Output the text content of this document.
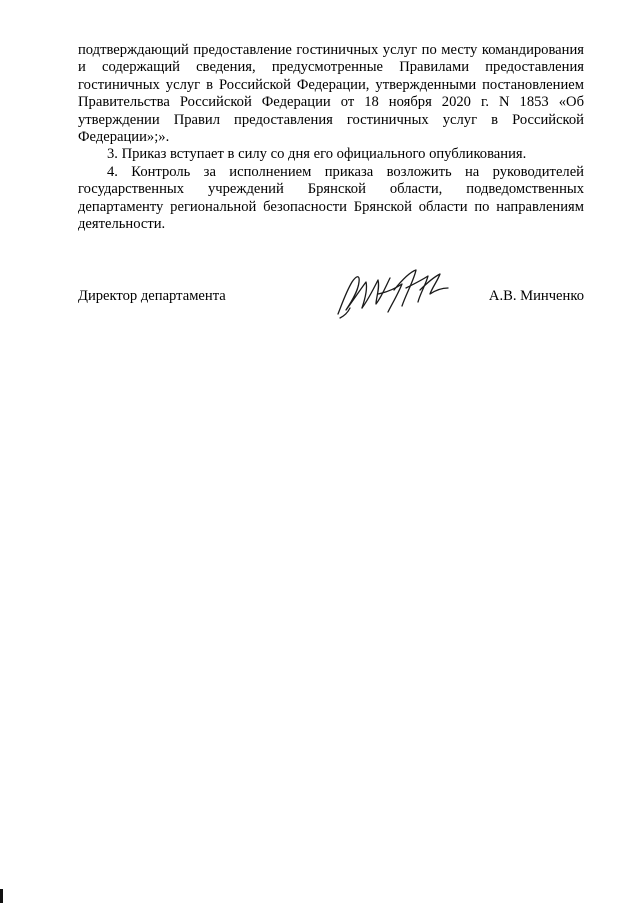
подтверждающий предоставление гостиничных услуг по месту командирования и содержащий сведения, предусмотренные Правилами предоставления гостиничных услуг в Российской Федерации, утвержденными постановлением Правительства Российской Федерации от 18 ноября 2020 г. N 1853 «Об утверждении Правил предоставления гостиничных услуг в Российской Федерации»;».

3. Приказ вступает в силу со дня его официального опубликования.

4. Контроль за исполнением приказа возложить на руководителей государственных учреждений Брянской области, подведомственных департаменту региональной безопасности Брянской области по направлениям деятельности.

Директор департамента	А.В. Минченко
